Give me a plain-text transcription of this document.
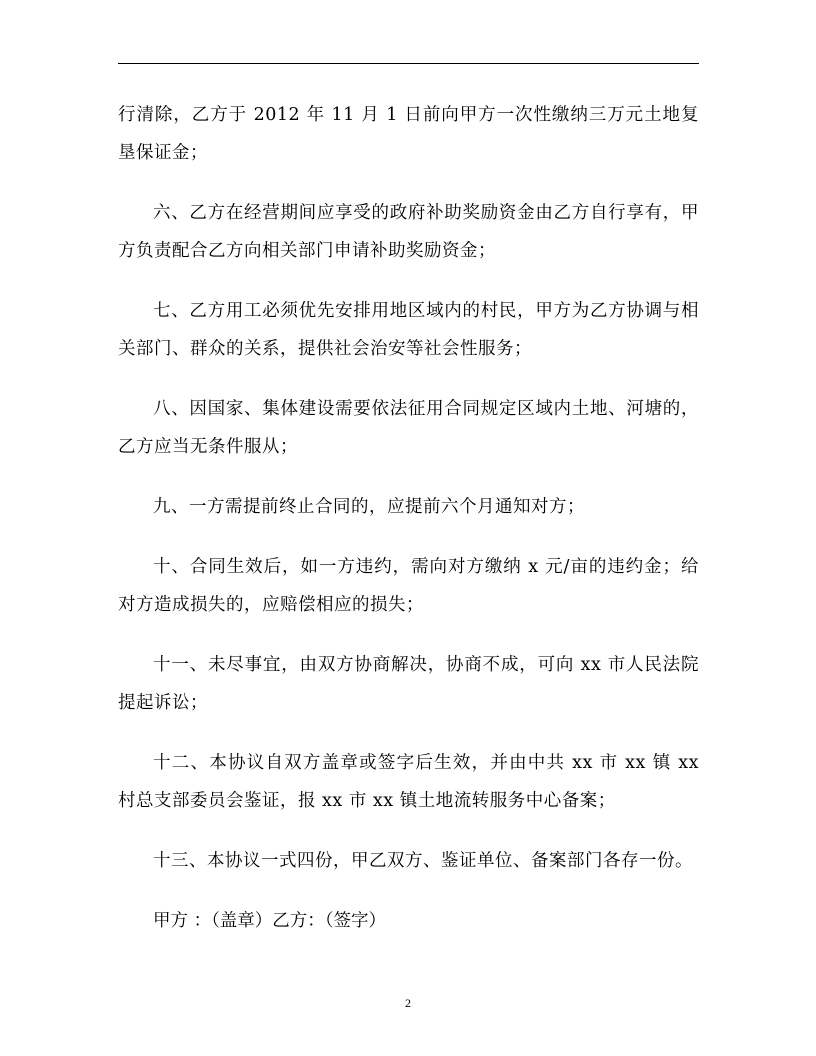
行清除，乙方于 2012 年 11 月 1 日前向甲方一次性缴纳三万元土地复垦保证金；

六、乙方在经营期间应享受的政府补助奖励资金由乙方自行享有，甲方负责配合乙方向相关部门申请补助奖励资金；

七、乙方用工必须优先安排用地区域内的村民，甲方为乙方协调与相关部门、群众的关系，提供社会治安等社会性服务；

八、因国家、集体建设需要依法征用合同规定区域内土地、河塘的，乙方应当无条件服从；

九、一方需提前终止合同的，应提前六个月通知对方；

十、合同生效后，如一方违约，需向对方缴纳 x 元/亩的违约金；给对方造成损失的，应赔偿相应的损失；

十一、未尽事宜，由双方协商解决，协商不成，可向 xx 市人民法院提起诉讼；

十二、本协议自双方盖章或签字后生效，并由中共 xx 市 xx 镇 xx 村总支部委员会鉴证，报 xx 市 xx 镇土地流转服务中心备案；

十三、本协议一式四份，甲乙双方、鉴证单位、备案部门各存一份。

甲方 ：（盖章）乙方：（签字）

2
